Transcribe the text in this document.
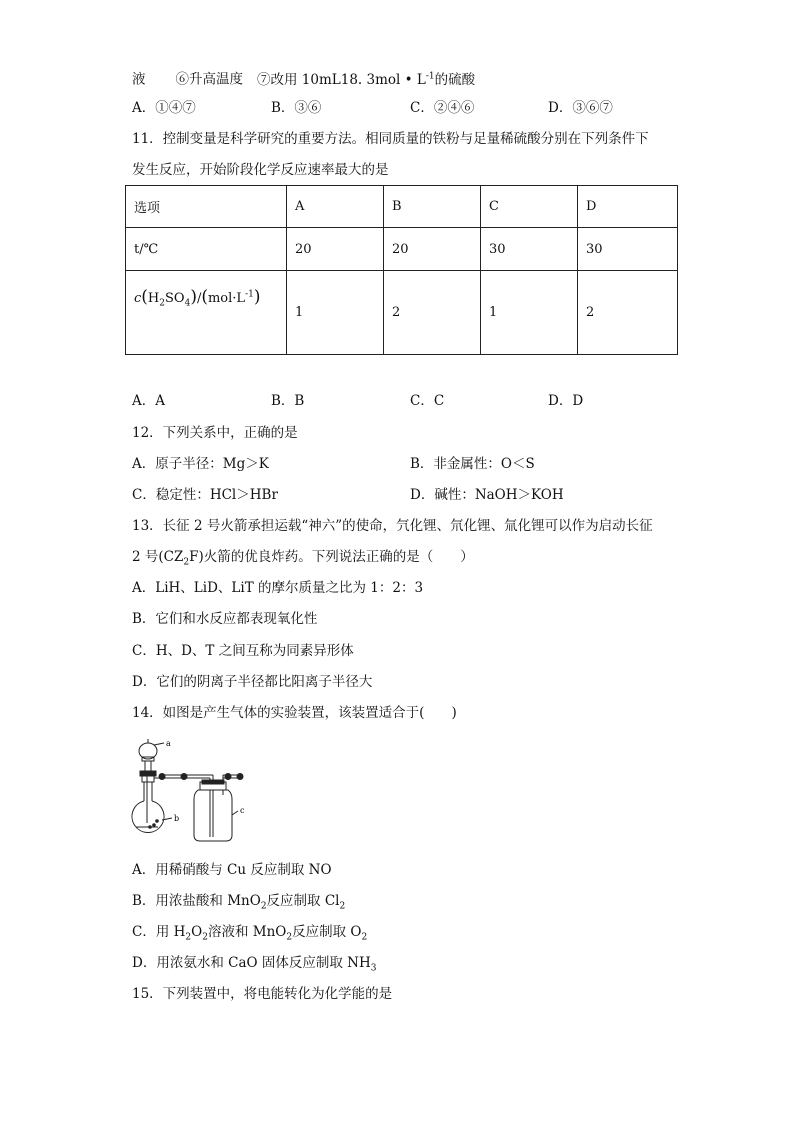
液 ⑥升高温度 ⑦改用 10mL18. 3mol • $L^{-1}$的硫酸
A．①④⑦	B．③⑥	C．②④⑥	D．③⑥⑦
11．控制变量是科学研究的重要方法。相同质量的铁粉与足量稀硫酸分别在下列条件下
发生反应，开始阶段化学反应速率最大的是
选项	A	B	C	D
t/℃	20	20	30	30
$c(H_2SO_4)/(mol\cdot L^{-1})$	1	2	1	2
A．A	B．B	C．C	D．D
12．下列关系中，正确的是
A．原子半径：Mg＞K	B．非金属性：O＜S
C．稳定性：HCl＞HBr	D．碱性：NaOH＞KOH
13．长征 2 号火箭承担运载“神六”的使命，氕化锂、氘化锂、氚化锂可以作为启动长征
2 号$(CZ_2F)$火箭的优良炸药。下列说法正确的是（　　）
A．LiH、LiD、LiT 的摩尔质量之比为 1：2：3
B．它们和水反应都表现氧化性
C．H、D、T 之间互称为同素异形体
D．它们的阴离子半径都比阳离子半径大
14．如图是产生气体的实验装置，该装置适合于(　　)
a
b
c
A．用稀硝酸与 Cu 反应制取 NO
B．用浓盐酸和 MnO$_2$反应制取 $Cl_2$
C．用 $H_2O_2$溶液和 MnO$_2$反应制取 $O_2$
D．用浓氨水和 CaO 固体反应制取 $NH_3$
15．下列装置中，将电能转化为化学能的是
